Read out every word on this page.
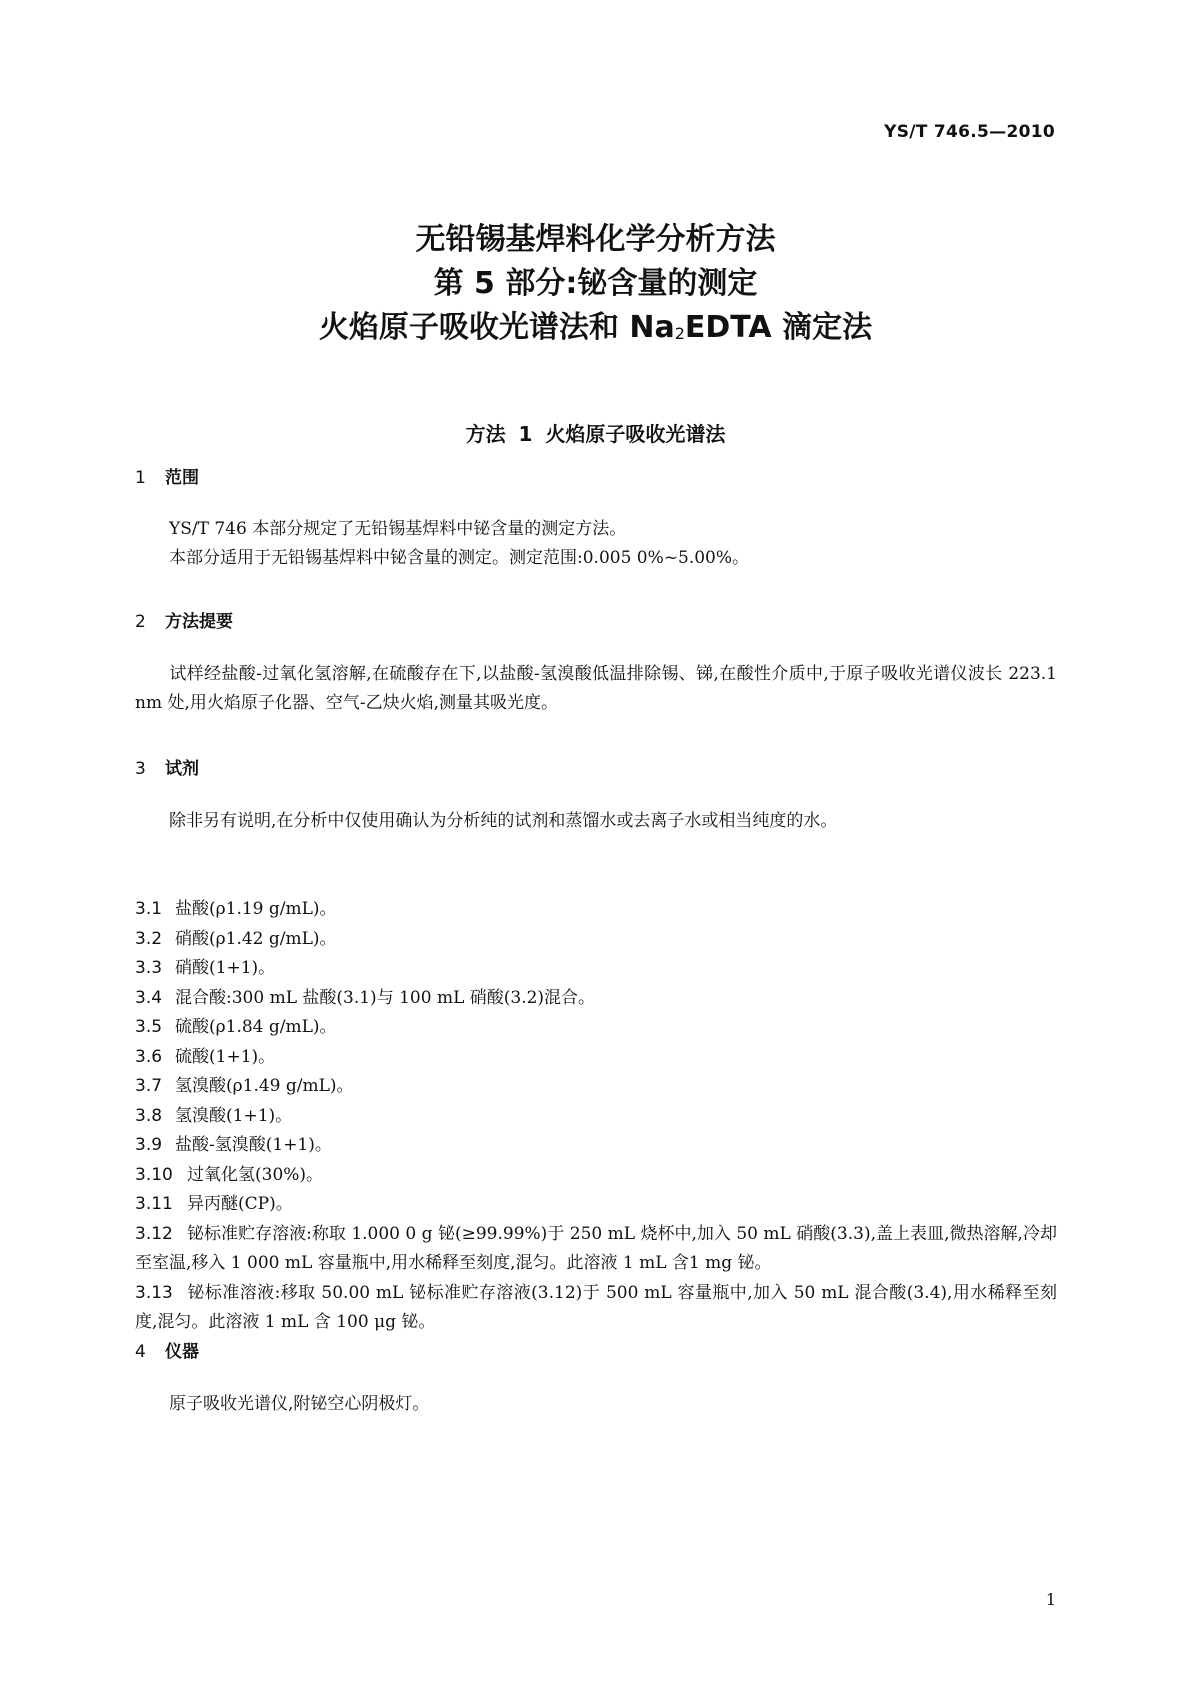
YS/T 746.5—2010
无铅锡基焊料化学分析方法
第 5 部分:铋含量的测定
火焰原子吸收光谱法和 Na2EDTA 滴定法
方法 1 火焰原子吸收光谱法
1 范围
YS/T 746 本部分规定了无铅锡基焊料中铋含量的测定方法。
本部分适用于无铅锡基焊料中铋含量的测定。测定范围:0.005 0%~5.00%。
2 方法提要
试样经盐酸-过氧化氢溶解,在硫酸存在下,以盐酸-氢溴酸低温排除锡、锑,在酸性介质中,于原子吸收光谱仪波长 223.1 nm 处,用火焰原子化器、空气-乙炔火焰,测量其吸光度。
3 试剂
除非另有说明,在分析中仅使用确认为分析纯的试剂和蒸馏水或去离子水或相当纯度的水。
3.1 盐酸(ρ1.19 g/mL)。
3.2 硝酸(ρ1.42 g/mL)。
3.3 硝酸(1+1)。
3.4 混合酸:300 mL 盐酸(3.1)与 100 mL 硝酸(3.2)混合。
3.5 硫酸(ρ1.84 g/mL)。
3.6 硫酸(1+1)。
3.7 氢溴酸(ρ1.49 g/mL)。
3.8 氢溴酸(1+1)。
3.9 盐酸-氢溴酸(1+1)。
3.10 过氧化氢(30%)。
3.11 异丙醚(CP)。
3.12 铋标准贮存溶液:称取 1.000 0 g 铋(≥99.99%)于 250 mL 烧杯中,加入 50 mL 硝酸(3.3),盖上表皿,微热溶解,冷却至室温,移入 1 000 mL 容量瓶中,用水稀释至刻度,混匀。此溶液 1 mL 含1 mg 铋。
3.13 铋标准溶液:移取 50.00 mL 铋标准贮存溶液(3.12)于 500 mL 容量瓶中,加入 50 mL 混合酸(3.4),用水稀释至刻度,混匀。此溶液 1 mL 含 100 μg 铋。
4 仪器
原子吸收光谱仪,附铋空心阴极灯。
1
